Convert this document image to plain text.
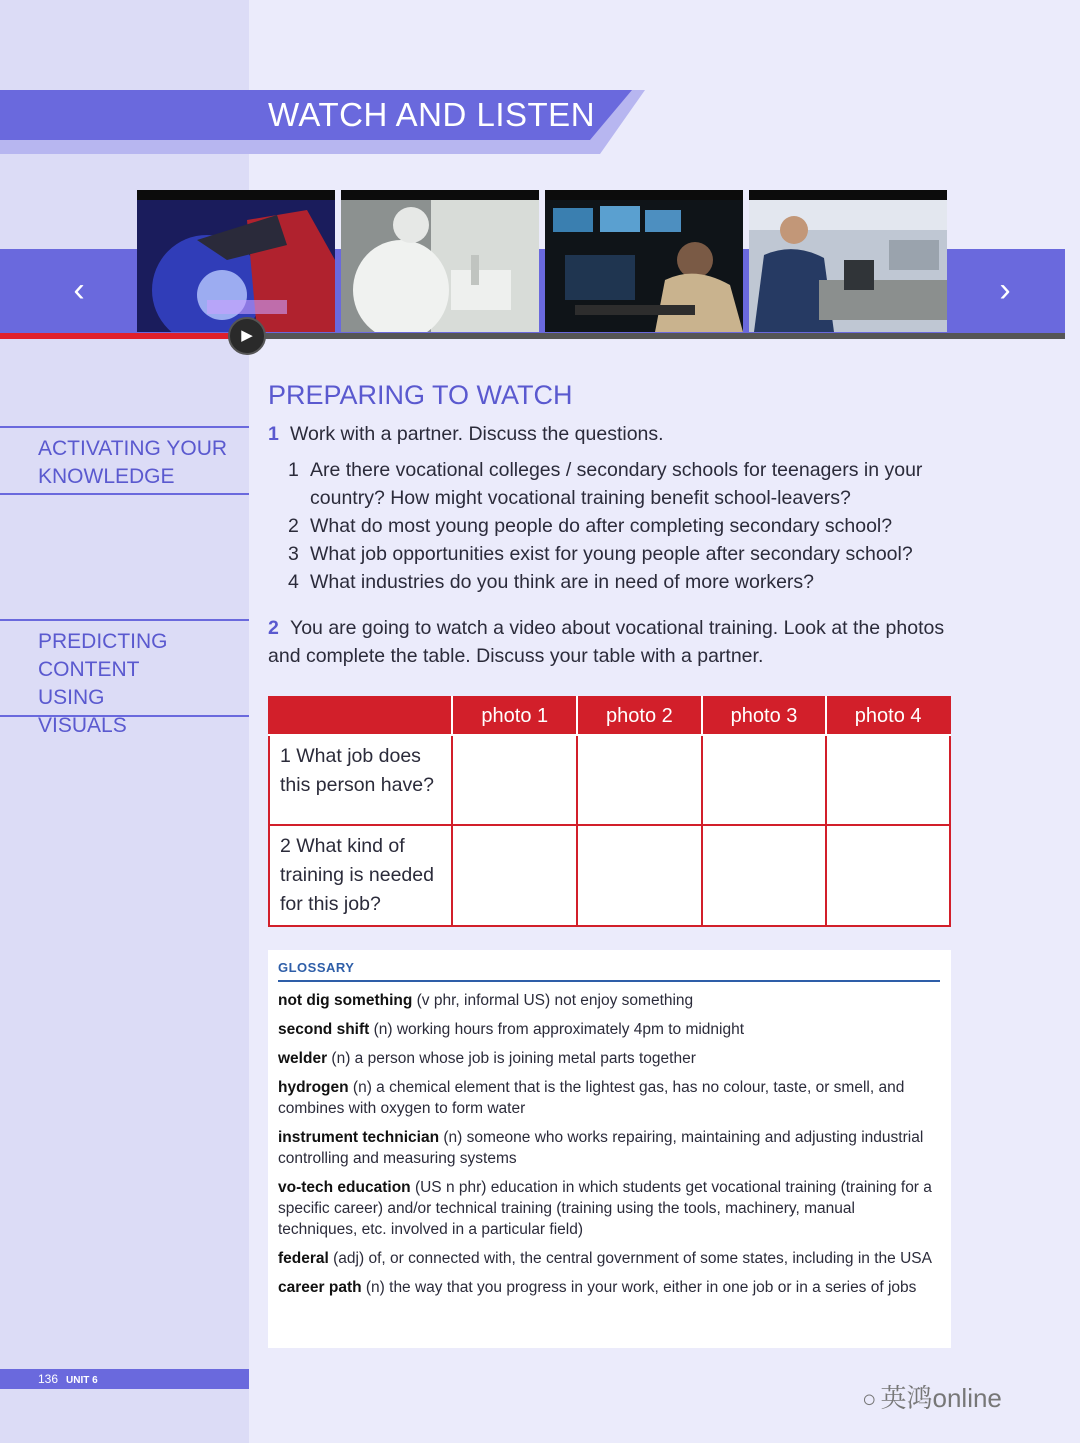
WATCH AND LISTEN
‹	›
▶
ACTIVATING YOUR KNOWLEDGE
PREDICTING CONTENT USING VISUALS
PREPARING TO WATCH
1 Work with a partner. Discuss the questions.
1 Are there vocational colleges / secondary schools for teenagers in your country? How might vocational training benefit school-leavers?
2 What do most young people do after completing secondary school?
3 What job opportunities exist for young people after secondary school?
4 What industries do you think are in need of more workers?
2 You are going to watch a video about vocational training. Look at the photos and complete the table. Discuss your table with a partner.
	photo 1	photo 2	photo 3	photo 4
1 What job does this person have?				
2 What kind of training is needed for this job?				
GLOSSARY
not dig something (v phr, informal US) not enjoy something
second shift (n) working hours from approximately 4pm to midnight
welder (n) a person whose job is joining metal parts together
hydrogen (n) a chemical element that is the lightest gas, has no colour, taste, or smell, and combines with oxygen to form water
instrument technician (n) someone who works repairing, maintaining and adjusting industrial controlling and measuring systems
vo-tech education (US n phr) education in which students get vocational training (training for a specific career) and/or technical training (training using the tools, machinery, manual techniques, etc. involved in a particular field)
federal (adj) of, or connected with, the central government of some states, including in the USA
career path (n) the way that you progress in your work, either in one job or in a series of jobs
136 UNIT 6
○ 英鸿online
